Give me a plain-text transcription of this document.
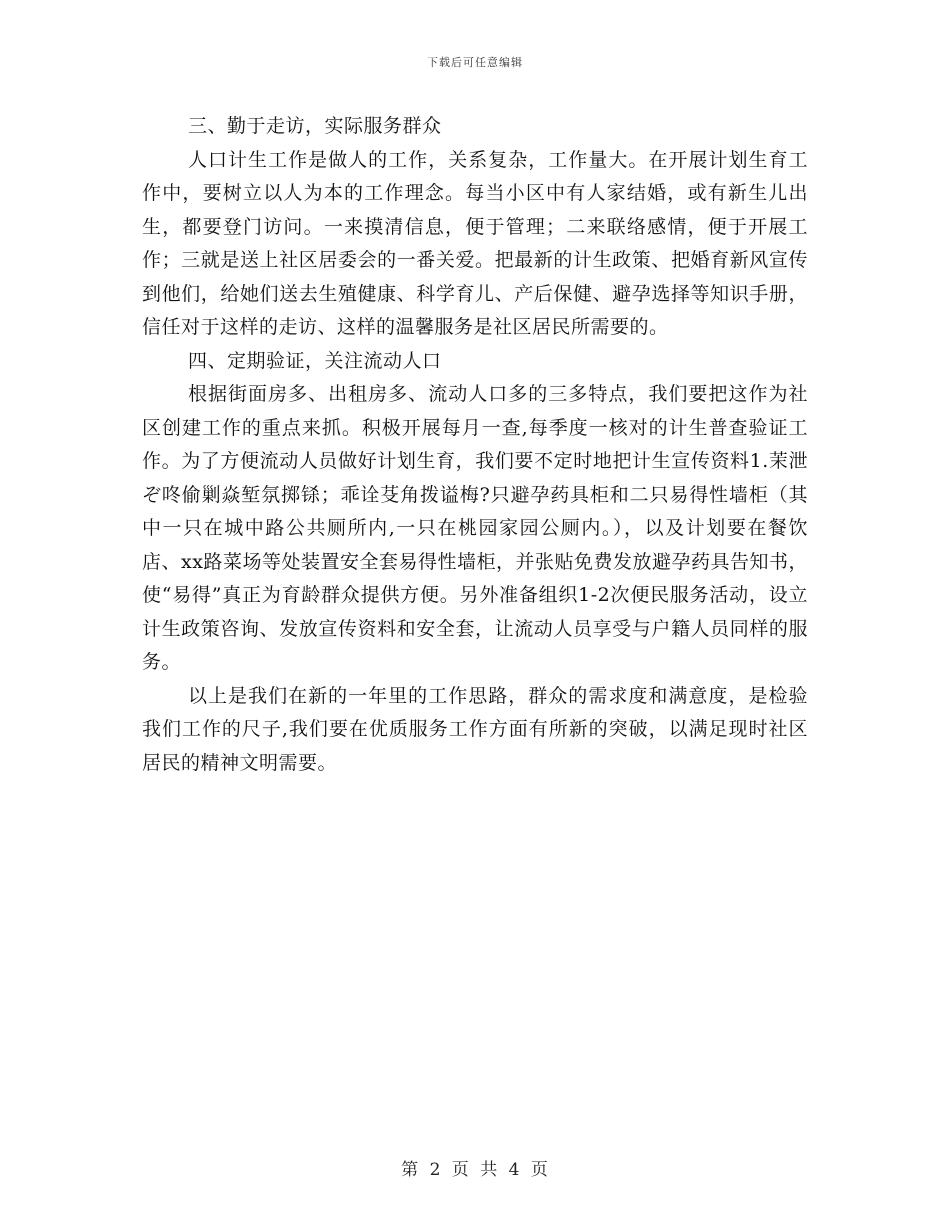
下载后可任意编辑

三、勤于走访，实际服务群众

人口计生工作是做人的工作，关系复杂，工作量大。在开展计划生育工作中，要树立以人为本的工作理念。每当小区中有人家结婚，或有新生儿出生，都要登门访问。一来摸清信息，便于管理；二来联络感情，便于开展工作；三就是送上社区居委会的一番关爱。把最新的计生政策、把婚育新风宣传到他们，给她们送去生殖健康、科学育儿、产后保健、避孕选择等知识手册，信任对于这样的走访、这样的温馨服务是社区居民所需要的。

四、定期验证，关注流动人口

根据街面房多、出租房多、流动人口多的三多特点，我们要把这作为社区创建工作的重点来抓。积极开展每月一查,每季度一核对的计生普查验证工作。为了方便流动人员做好计划生育，我们要不定时地把计生宣传资料1.茉泄ぞ咚偷剿焱堑氛掷铩；乖诠芟角拨谥梅?只避孕药具柜和二只易得性墙柜（其中一只在城中路公共厕所内,一只在桃园家园公厕内。），以及计划要在餐饮店、xx路菜场等处装置安全套易得性墙柜，并张贴免费发放避孕药具告知书，使“易得”真正为育龄群众提供方便。另外准备组织1-2次便民服务活动，设立计生政策咨询、发放宣传资料和安全套，让流动人员享受与户籍人员同样的服务。

以上是我们在新的一年里的工作思路，群众的需求度和满意度，是检验我们工作的尺子,我们要在优质服务工作方面有所新的突破，以满足现时社区居民的精神文明需要。

第 2 页 共 4 页
